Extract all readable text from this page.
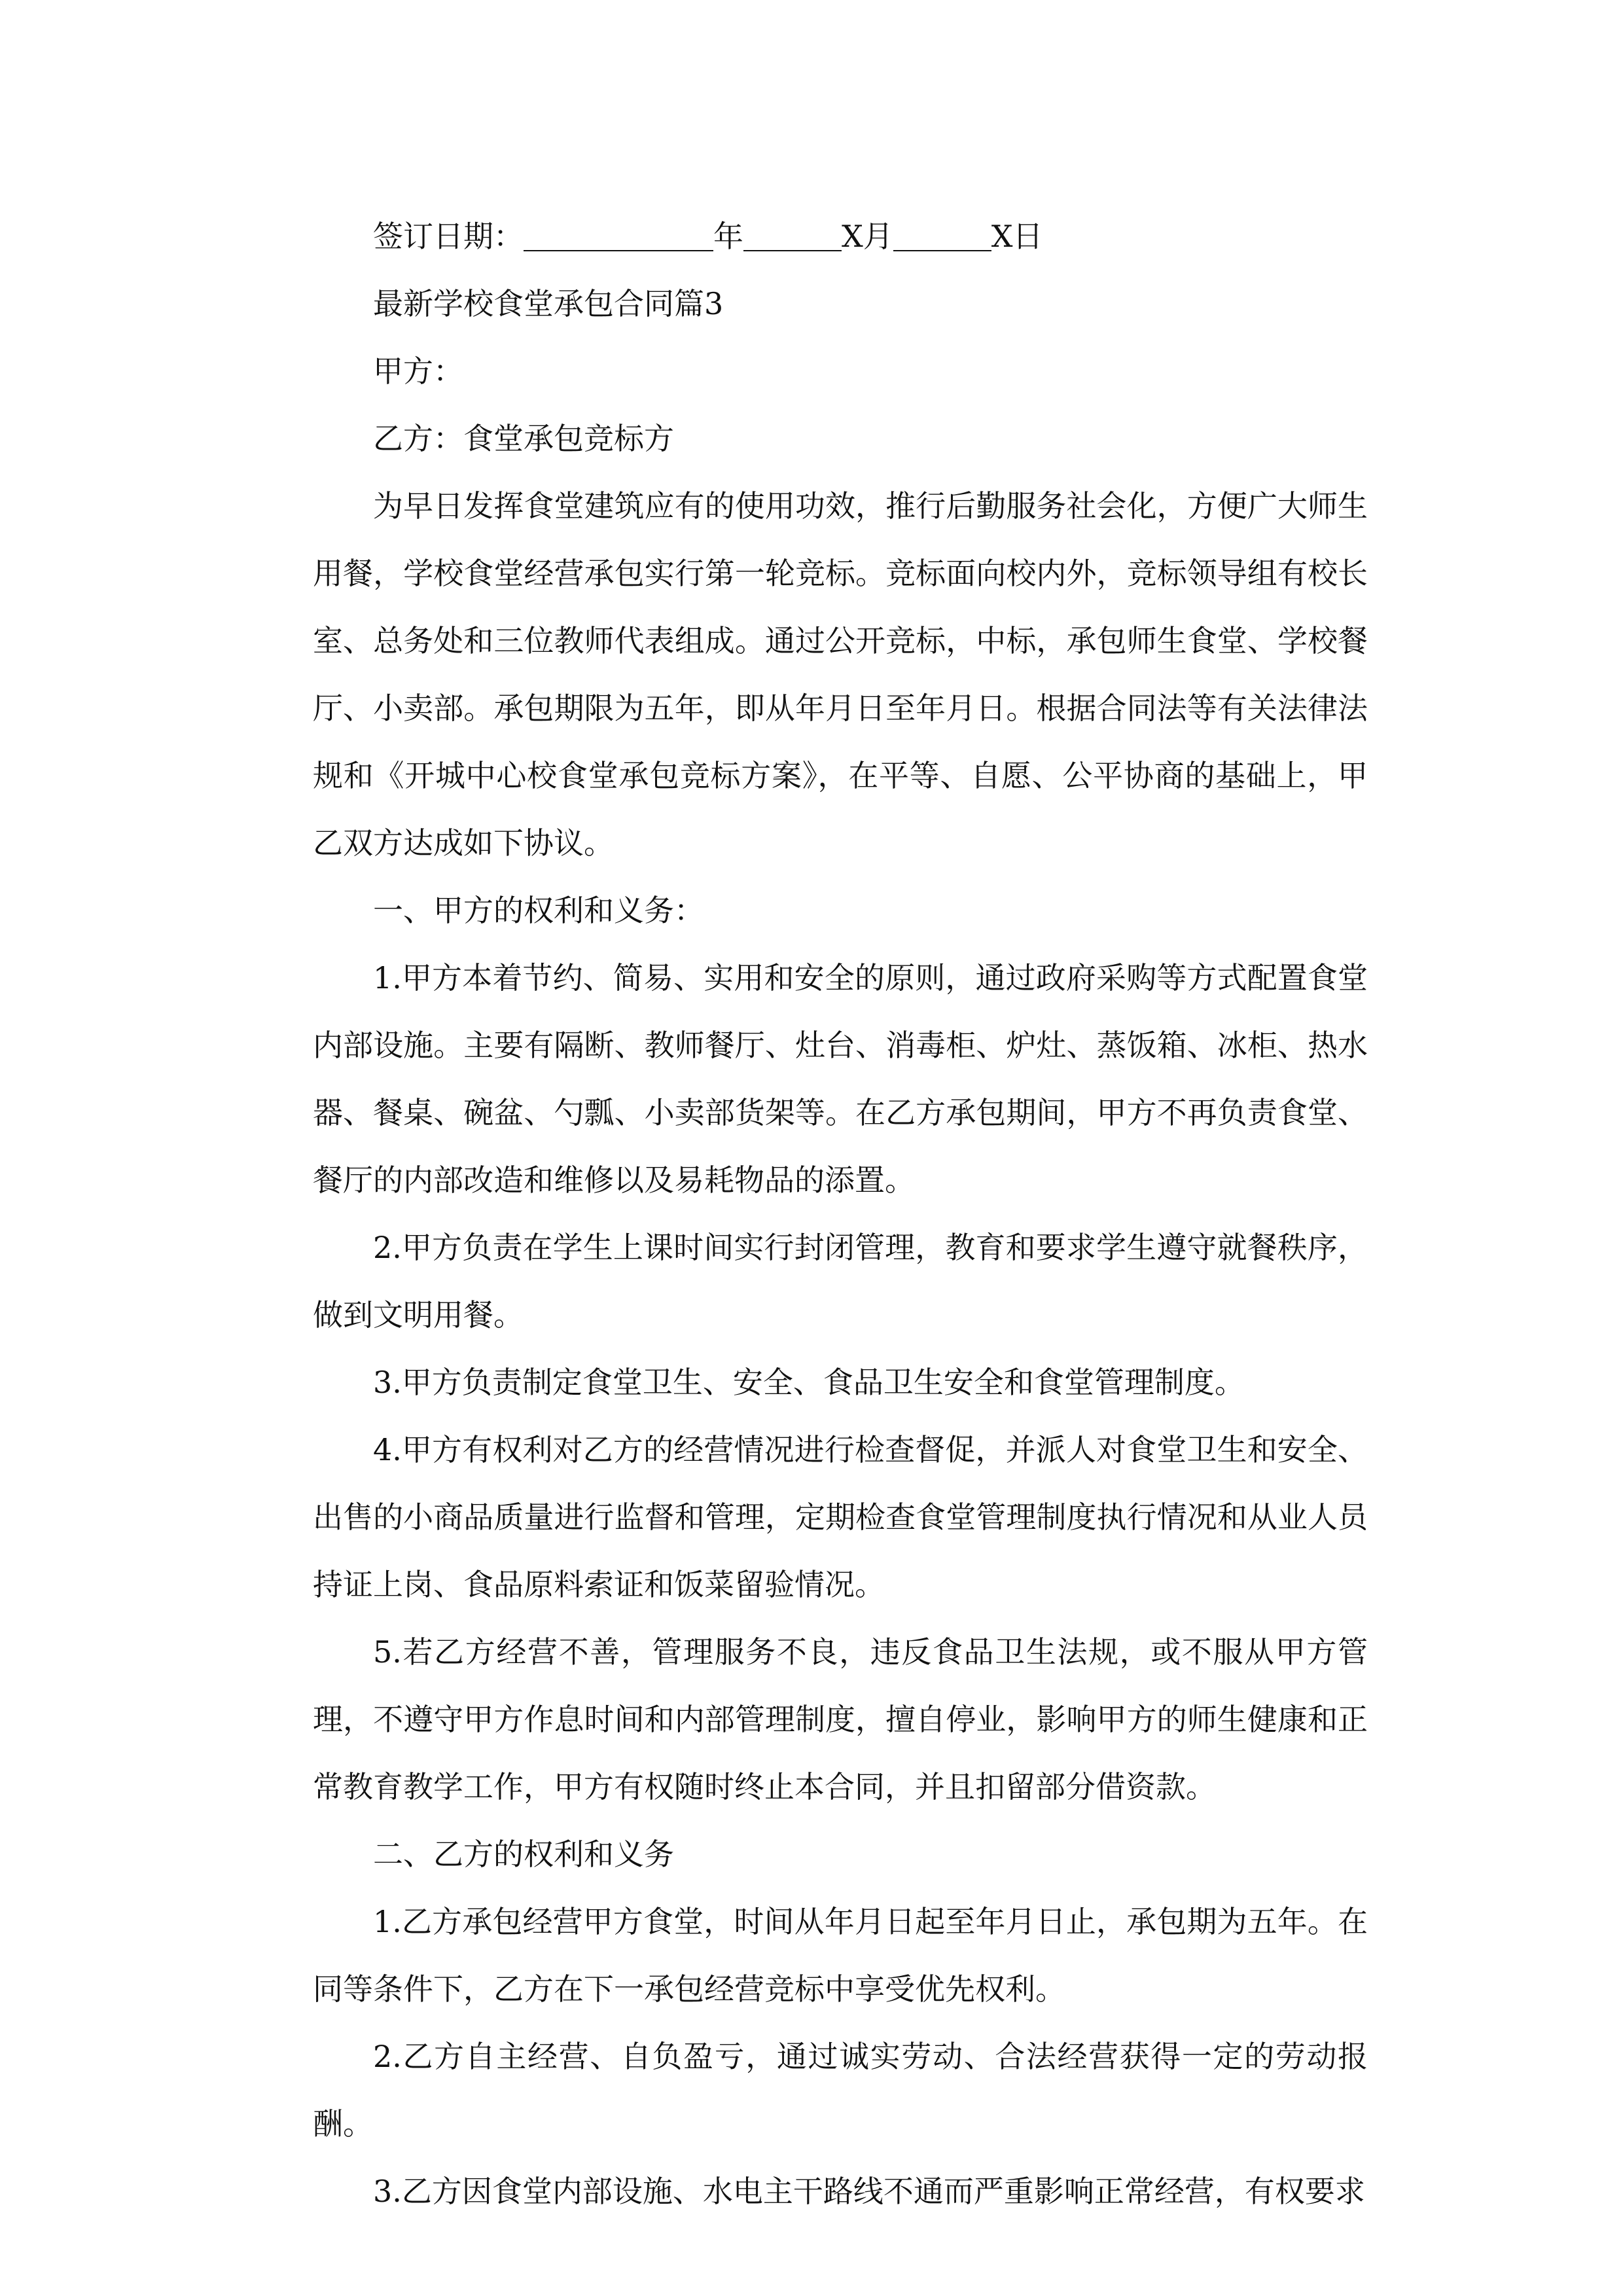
签订日期：	年	X月	X日

最新学校食堂承包合同篇3

甲方：

乙方：食堂承包竞标方

为早日发挥食堂建筑应有的使用功效，推行后勤服务社会化，方便广大师生用餐，学校食堂经营承包实行第一轮竞标。竞标面向校内外，竞标领导组有校长室、总务处和三位教师代表组成。通过公开竞标，中标，承包师生食堂、学校餐厅、小卖部。承包期限为五年，即从年月日至年月日。根据合同法等有关法律法规和《开城中心校食堂承包竞标方案》，在平等、自愿、公平协商的基础上，甲乙双方达成如下协议。

一、甲方的权利和义务：

1.甲方本着节约、简易、实用和安全的原则，通过政府采购等方式配置食堂内部设施。主要有隔断、教师餐厅、灶台、消毒柜、炉灶、蒸饭箱、冰柜、热水器、餐桌、碗盆、勺瓢、小卖部货架等。在乙方承包期间，甲方不再负责食堂、餐厅的内部改造和维修以及易耗物品的添置。

2.甲方负责在学生上课时间实行封闭管理，教育和要求学生遵守就餐秩序，做到文明用餐。

3.甲方负责制定食堂卫生、安全、食品卫生安全和食堂管理制度。

4.甲方有权利对乙方的经营情况进行检查督促，并派人对食堂卫生和安全、出售的小商品质量进行监督和管理，定期检查食堂管理制度执行情况和从业人员持证上岗、食品原料索证和饭菜留验情况。

5.若乙方经营不善，管理服务不良，违反食品卫生法规，或不服从甲方管理，不遵守甲方作息时间和内部管理制度，擅自停业，影响甲方的师生健康和正常教育教学工作，甲方有权随时终止本合同，并且扣留部分借资款。

二、乙方的权利和义务

1.乙方承包经营甲方食堂，时间从年月日起至年月日止，承包期为五年。在同等条件下，乙方在下一承包经营竞标中享受优先权利。

2.乙方自主经营、自负盈亏，通过诚实劳动、合法经营获得一定的劳动报酬。

3.乙方因食堂内部设施、水电主干路线不通而严重影响正常经营，有权要求
